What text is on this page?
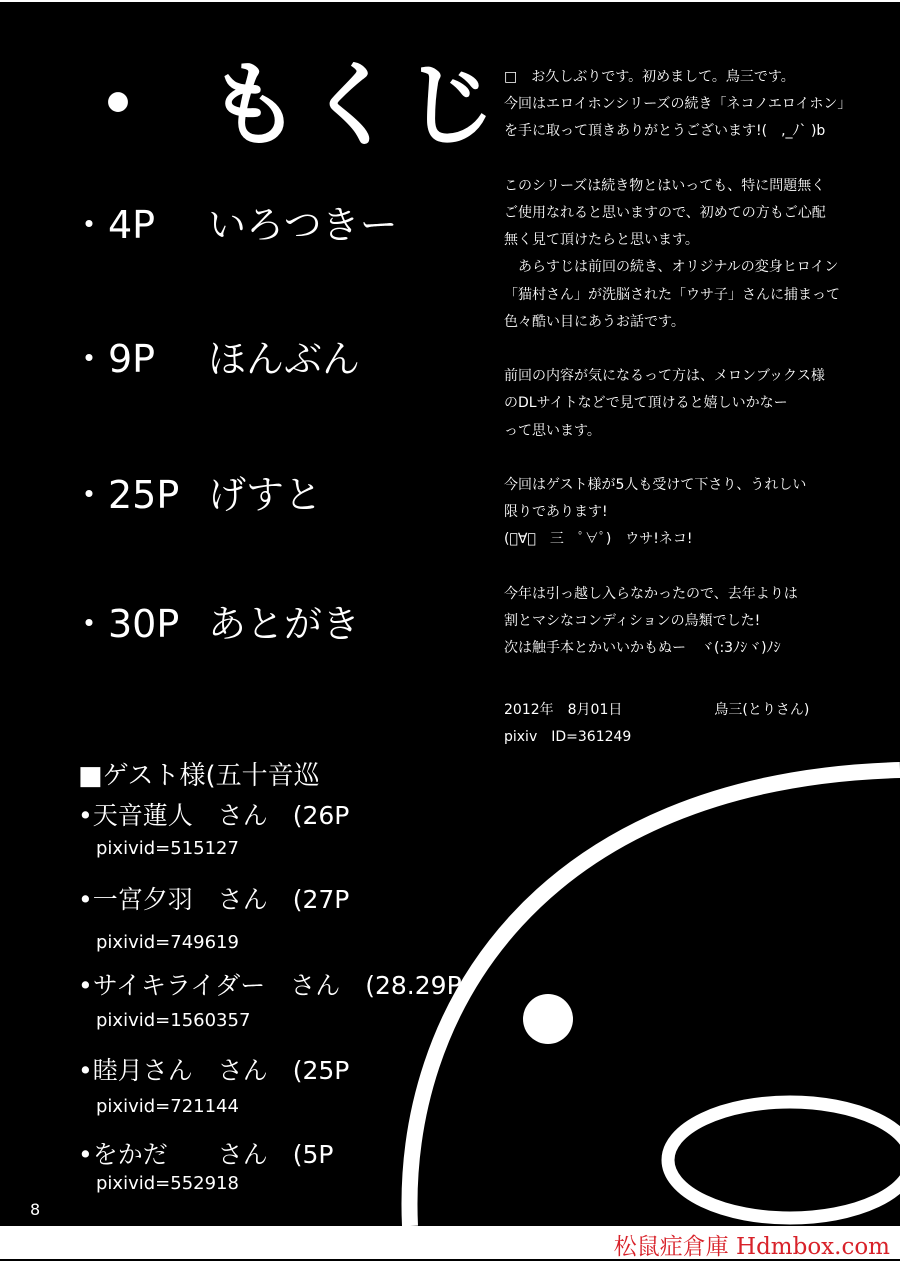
・ もくじ
・4P いろつきー
・9P ほんぶん
・25P げすと
・30P あとがき
■ゲスト様(五十音巡
•天音蓮人　さん　(26P
pixivid=515127
•一宮夕羽　さん　(27P
pixivid=749619
•サイキライダー　さん　(28.29P
pixivid=1560357
•睦月さん　さん　(25P
pixivid=721144
•をかだ　　さん　(5P
pixivid=552918
8

□　お久しぶりです。初めまして。鳥三です。

今回はエロイホンシリーズの続き「ネコノエロイホン」

を手に取って頂きありがとうございます!(　,_ﾉ` )b

このシリーズは続き物とはいっても、特に問題無く

ご使用なれると思いますので、初めての方もご心配

無く見て頂けたらと思います。

　あらすじは前回の続き、オリジナルの変身ヒロイン

「猫村さん」が洗脳された「ウサ子」さんに捕まって

色々酷い目にあうお話です。

前回の内容が気になるって方は、メロンブックス様

のDLサイトなどで見て頂けると嬉しいかなー

って思います。

今回はゲスト様が5人も受けて下さり、うれしい

限りであります!

(ﾟ∀ﾟ　三　ﾟ∀ﾟ)　ウサ!ネコ!

今年は引っ越し入らなかったので、去年よりは

割とマシなコンディションの鳥類でした!

次は触手本とかいいかもぬー　ヾ(:3ﾉｼヾ)ﾉｼ

2012年　8月01日	鳥三(とりさん)
pixiv　ID=361249
松鼠症倉庫 Hdmbox.com
